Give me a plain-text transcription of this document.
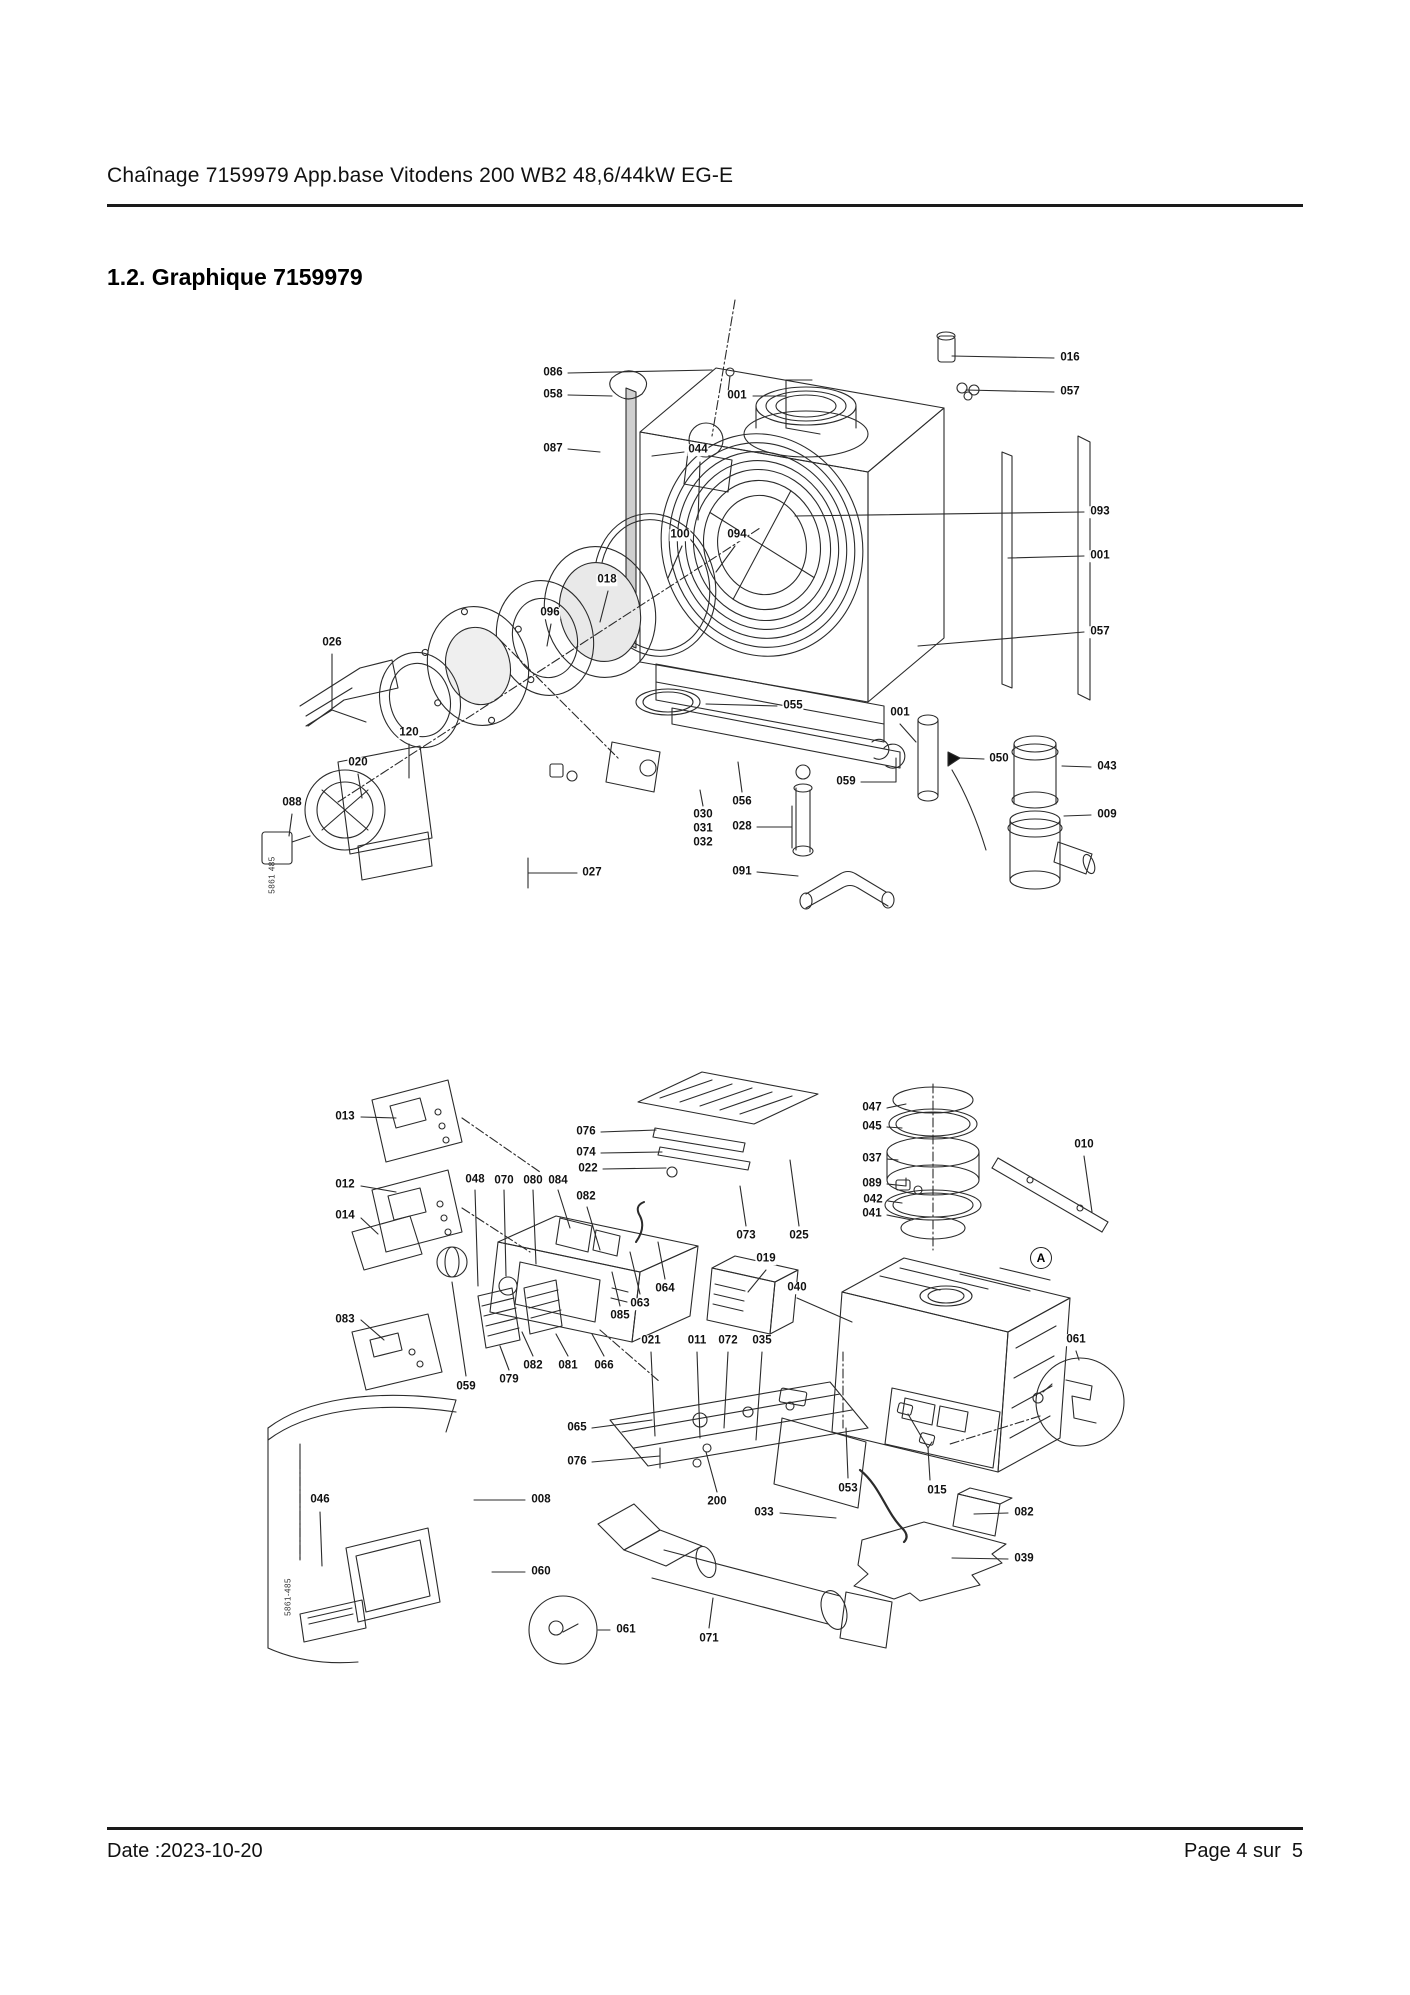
Chaînage 7159979 App.base Vitodens 200 WB2 48,6/44kW EG-E
1.2. Graphique 7159979
086
058
087	044
001
016
057
093
001
057
100	094
018
096
026
120
020
088
027
030
031
032
056
028
091
055
059
001
050
043
009
013
012
014
048 070 080 084
076
074
022
082
047
045
037
089
042
041
010
073	025
019
040
064
063
085
083
059
079
082 081 066
021 011 072 035	061
065
076
046	008
060
061
071
200
033
053	015
082
039
5861 485
5861-485
A
Date :2023-10-20	Page 4 sur  5
